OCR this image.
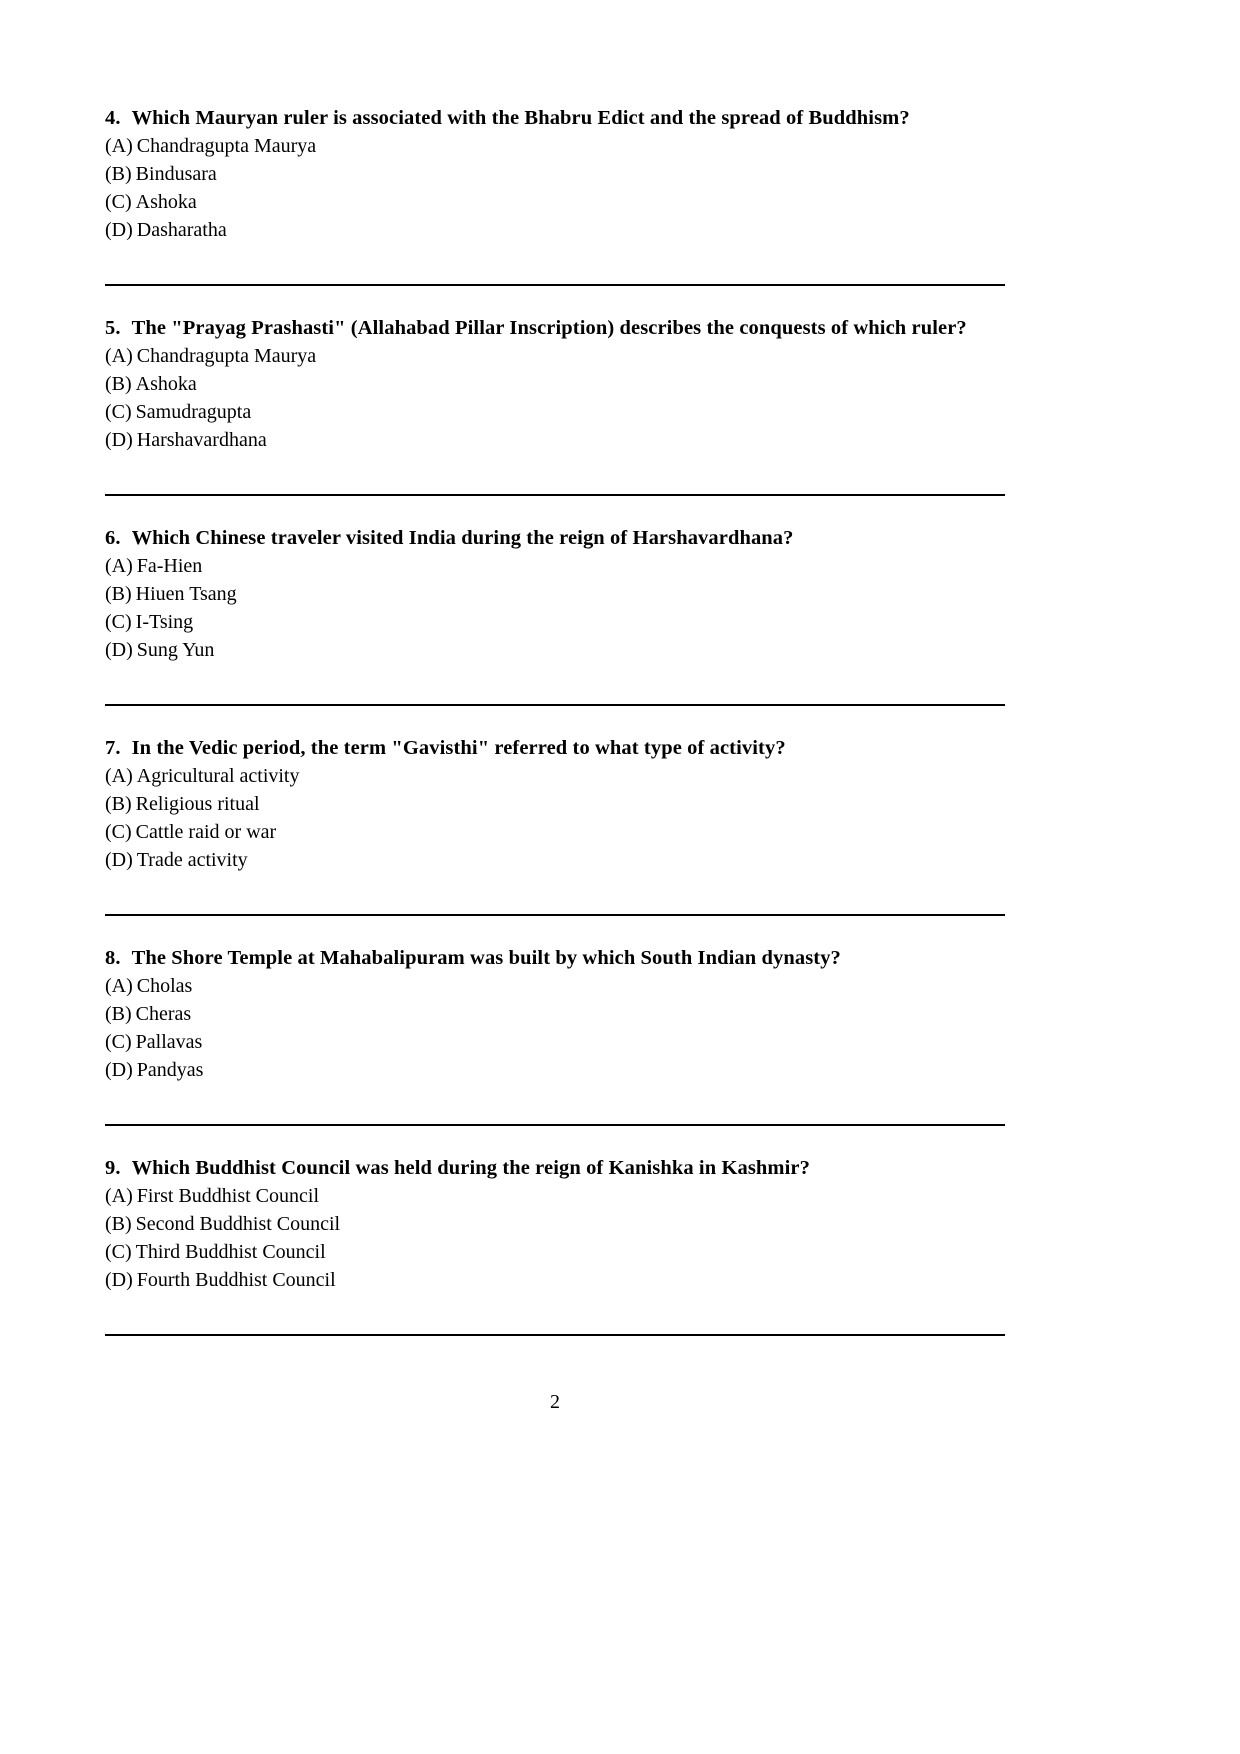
4. Which Mauryan ruler is associated with the Bhabru Edict and the spread of Buddhism?

(A) Chandragupta Maurya

(B) Bindusara

(C) Ashoka

(D) Dasharatha

5. The "Prayag Prashasti" (Allahabad Pillar Inscription) describes the conquests of which ruler?

(A) Chandragupta Maurya

(B) Ashoka

(C) Samudragupta

(D) Harshavardhana

6. Which Chinese traveler visited India during the reign of Harshavardhana?

(A) Fa-Hien

(B) Hiuen Tsang

(C) I-Tsing

(D) Sung Yun

7. In the Vedic period, the term "Gavisthi" referred to what type of activity?

(A) Agricultural activity

(B) Religious ritual

(C) Cattle raid or war

(D) Trade activity

8. The Shore Temple at Mahabalipuram was built by which South Indian dynasty?

(A) Cholas

(B) Cheras

(C) Pallavas

(D) Pandyas

9. Which Buddhist Council was held during the reign of Kanishka in Kashmir?

(A) First Buddhist Council

(B) Second Buddhist Council

(C) Third Buddhist Council

(D) Fourth Buddhist Council

2
